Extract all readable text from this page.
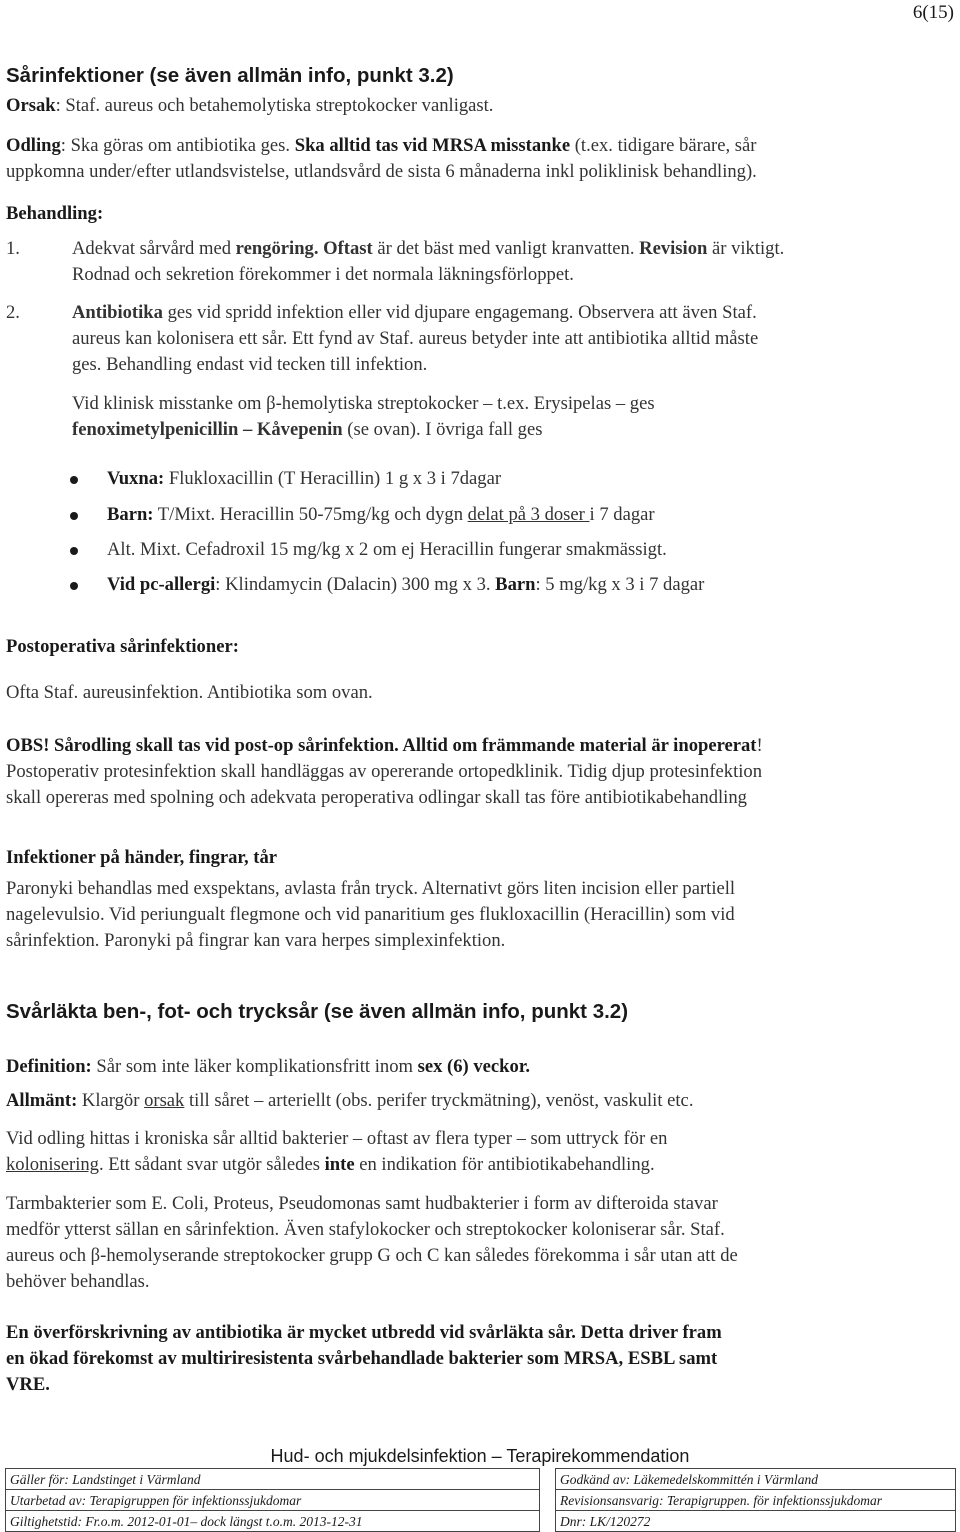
6(15)
Sårinfektioner (se även allmän info, punkt 3.2)

Orsak: Staf. aureus och betahemolytiska streptokocker vanligast.

Odling: Ska göras om antibiotika ges. Ska alltid tas vid MRSA misstanke (t.ex. tidigare bärare, sår

uppkomna under/efter utlandsvistelse, utlandsvård de sista 6 månaderna inkl poliklinisk behandling).

Behandling:

1.	Adekvat sårvård med rengöring. Oftast är det bäst med vanligt kranvatten. Revision är viktigt.

Rodnad och sekretion förekommer i det normala läkningsförloppet.

2.	Antibiotika ges vid spridd infektion eller vid djupare engagemang. Observera att även Staf.

aureus kan kolonisera ett sår. Ett fynd av Staf. aureus betyder inte att antibiotika alltid måste

ges. Behandling endast vid tecken till infektion.

Vid klinisk misstanke om β-hemolytiska streptokocker – t.ex. Erysipelas – ges

fenoximetylpenicillin – Kåvepenin (se ovan). I övriga fall ges

Vuxna: Flukloxacillin (T Heracillin) 1 g x 3 i 7dagar
Barn: T/Mixt. Heracillin 50-75mg/kg och dygn delat på 3 doser i 7 dagar
Alt. Mixt. Cefadroxil 15 mg/kg x 2 om ej Heracillin fungerar smakmässigt.
Vid pc-allergi: Klindamycin (Dalacin) 300 mg x 3. Barn: 5 mg/kg x 3 i 7 dagar

Postoperativa sårinfektioner:

Ofta Staf. aureusinfektion. Antibiotika som ovan.

OBS! Sårodling skall tas vid post-op sårinfektion. Alltid om främmande material är inopererat!

Postoperativ protesinfektion skall handläggas av opererande ortopedklinik. Tidig djup protesinfektion

skall opereras med spolning och adekvata peroperativa odlingar skall tas före antibiotikabehandling

Infektioner på händer, fingrar, tår

Paronyki behandlas med exspektans, avlasta från tryck. Alternativt görs liten incision eller partiell

nagelevulsio. Vid periungualt flegmone och vid panaritium ges flukloxacillin (Heracillin) som vid

sårinfektion. Paronyki på fingrar kan vara herpes simplexinfektion.

Svårläkta ben-, fot- och trycksår (se även allmän info, punkt 3.2)

Definition: Sår som inte läker komplikationsfritt inom sex (6) veckor.

Allmänt: Klargör orsak till såret – arteriellt (obs. perifer tryckmätning), venöst, vaskulit etc.

Vid odling hittas i kroniska sår alltid bakterier – oftast av flera typer – som uttryck för en

kolonisering. Ett sådant svar utgör således inte en indikation för antibiotikabehandling.

Tarmbakterier som E. Coli, Proteus, Pseudomonas samt hudbakterier i form av difteroida stavar

medför ytterst sällan en sårinfektion. Även stafylokocker och streptokocker koloniserar sår. Staf.

aureus och β-hemolyserande streptokocker grupp G och C kan således förekomma i sår utan att de

behöver behandlas.

En överförskrivning av antibiotika är mycket utbredd vid svårläkta sår. Detta driver fram

en ökad förekomst av multiriresistenta svårbehandlade bakterier som MRSA, ESBL samt

VRE.

Hud- och mjukdelsinfektion – Terapirekommendation
Gäller för: Landstinget i Värmland		Godkänd av: Läkemedelskommittén i Värmland
Utarbetad av: Terapigruppen för infektionssjukdomar		Revisionsansvarig: Terapigruppen. för infektionssjukdomar
Giltighetstid: Fr.o.m. 2012-01-01– dock längst t.o.m. 2013-12-31		Dnr: LK/120272
